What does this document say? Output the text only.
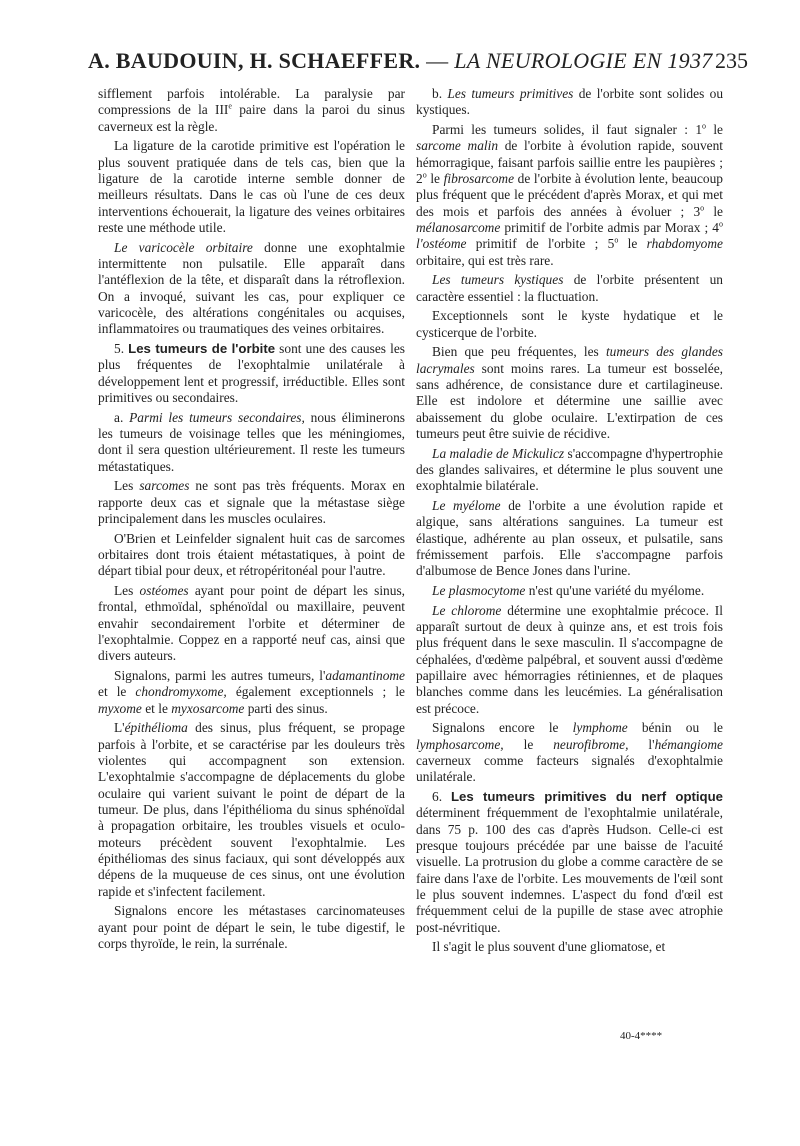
A. BAUDOUIN, H. SCHAEFFER. — LA NEUROLOGIE EN 1937 235

sifflement parfois intolérable. La paralysie par compressions de la IIIe paire dans la paroi du sinus caverneux est la règle.

La ligature de la carotide primitive est l'opération le plus souvent pratiquée dans de tels cas, bien que la ligature de la carotide interne semble donner de meilleurs résultats. Dans le cas où l'une de ces deux interventions échouerait, la ligature des veines orbitaires reste une méthode utile.

Le varicocèle orbitaire donne une exophtalmie intermittente non pulsatile. Elle apparaît dans l'antéflexion de la tête, et disparaît dans la rétroflexion. On a invoqué, suivant les cas, pour expliquer ce varicocèle, des altérations congénitales ou acquises, inflammatoires ou traumatiques des veines orbitaires.

5. Les tumeurs de l'orbite sont une des causes les plus fréquentes de l'exophtalmie unilatérale à développement lent et progressif, irréductible. Elles sont primitives ou secondaires.

a. Parmi les tumeurs secondaires, nous éliminerons les tumeurs de voisinage telles que les méningiomes, dont il sera question ultérieurement. Il reste les tumeurs métastatiques.

Les sarcomes ne sont pas très fréquents. Morax en rapporte deux cas et signale que la métastase siège principalement dans les muscles oculaires.

O'Brien et Leinfelder signalent huit cas de sarcomes orbitaires dont trois étaient métastatiques, à point de départ tibial pour deux, et rétropéritonéal pour l'autre.

Les ostéomes ayant pour point de départ les sinus, frontal, ethmoïdal, sphénoïdal ou maxillaire, peuvent envahir secondairement l'orbite et déterminer de l'exophtalmie. Coppez en a rapporté neuf cas, ainsi que divers auteurs.

Signalons, parmi les autres tumeurs, l'adamantinome et le chondromyxome, également exceptionnels ; le myxome et le myxosarcome parti des sinus.

L'épithélioma des sinus, plus fréquent, se propage parfois à l'orbite, et se caractérise par les douleurs très violentes qui accompagnent son extension. L'exophtalmie s'accompagne de déplacements du globe oculaire qui varient suivant le point de départ de la tumeur. De plus, dans l'épithélioma du sinus sphénoïdal à propagation orbitaire, les troubles visuels et oculo-moteurs précèdent souvent l'exophtalmie. Les épithéliomas des sinus faciaux, qui sont développés aux dépens de la muqueuse de ces sinus, ont une évolution rapide et s'infectent facilement.

Signalons encore les métastases carcinomateuses ayant pour point de départ le sein, le tube digestif, le corps thyroïde, le rein, la surrénale.

b. Les tumeurs primitives de l'orbite sont solides ou kystiques.

Parmi les tumeurs solides, il faut signaler : 1$^o$ le sarcome malin de l'orbite à évolution rapide, souvent hémorragique, faisant parfois saillie entre les paupières ; 2$^o$ le fibrosarcome de l'orbite à évolution lente, beaucoup plus fréquent que le précédent d'après Morax, et qui met des mois et parfois des années à évoluer ; 3$^o$ le mélanosarcome primitif de l'orbite admis par Morax ; 4$^o$ l'ostéome primitif de l'orbite ; 5$^o$ le rhabdomyome orbitaire, qui est très rare.

Les tumeurs kystiques de l'orbite présentent un caractère essentiel : la fluctuation.

Exceptionnels sont le kyste hydatique et le cysticerque de l'orbite.

Bien que peu fréquentes, les tumeurs des glandes lacrymales sont moins rares. La tumeur est bosselée, sans adhérence, de consistance dure et cartilagineuse. Elle est indolore et détermine une saillie avec abaissement du globe oculaire. L'extirpation de ces tumeurs peut être suivie de récidive.

La maladie de Mickulicz s'accompagne d'hypertrophie des glandes salivaires, et détermine le plus souvent une exophtalmie bilatérale.

Le myélome de l'orbite a une évolution rapide et algique, sans altérations sanguines. La tumeur est élastique, adhérente au plan osseux, et pulsatile, sans frémissement parfois. Elle s'accompagne parfois d'albumose de Bence Jones dans l'urine.

Le plasmocytome n'est qu'une variété du myélome.

Le chlorome détermine une exophtalmie précoce. Il apparaît surtout de deux à quinze ans, et est trois fois plus fréquent dans le sexe masculin. Il s'accompagne de céphalées, d'œdème palpébral, et souvent aussi d'œdème papillaire avec hémorragies rétiniennes, et de plaques blanches comme dans les leucémies. La généralisation est précoce.

Signalons encore le lymphome bénin ou le lymphosarcome, le neurofibrome, l'hémangiome caverneux comme facteurs signalés d'exophtalmie unilatérale.

6. Les tumeurs primitives du nerf optique déterminent fréquemment de l'exophtalmie unilatérale, dans 75 p. 100 des cas d'après Hudson. Celle-ci est presque toujours précédée par une baisse de l'acuité visuelle. La protrusion du globe a comme caractère de se faire dans l'axe de l'orbite. Les mouvements de l'œil sont le plus souvent indemnes. L'aspect du fond d'œil est fréquemment celui de la pupille de stase avec atrophie post-névritique.

Il s'agit le plus souvent d'une gliomatose, et

40-4****
